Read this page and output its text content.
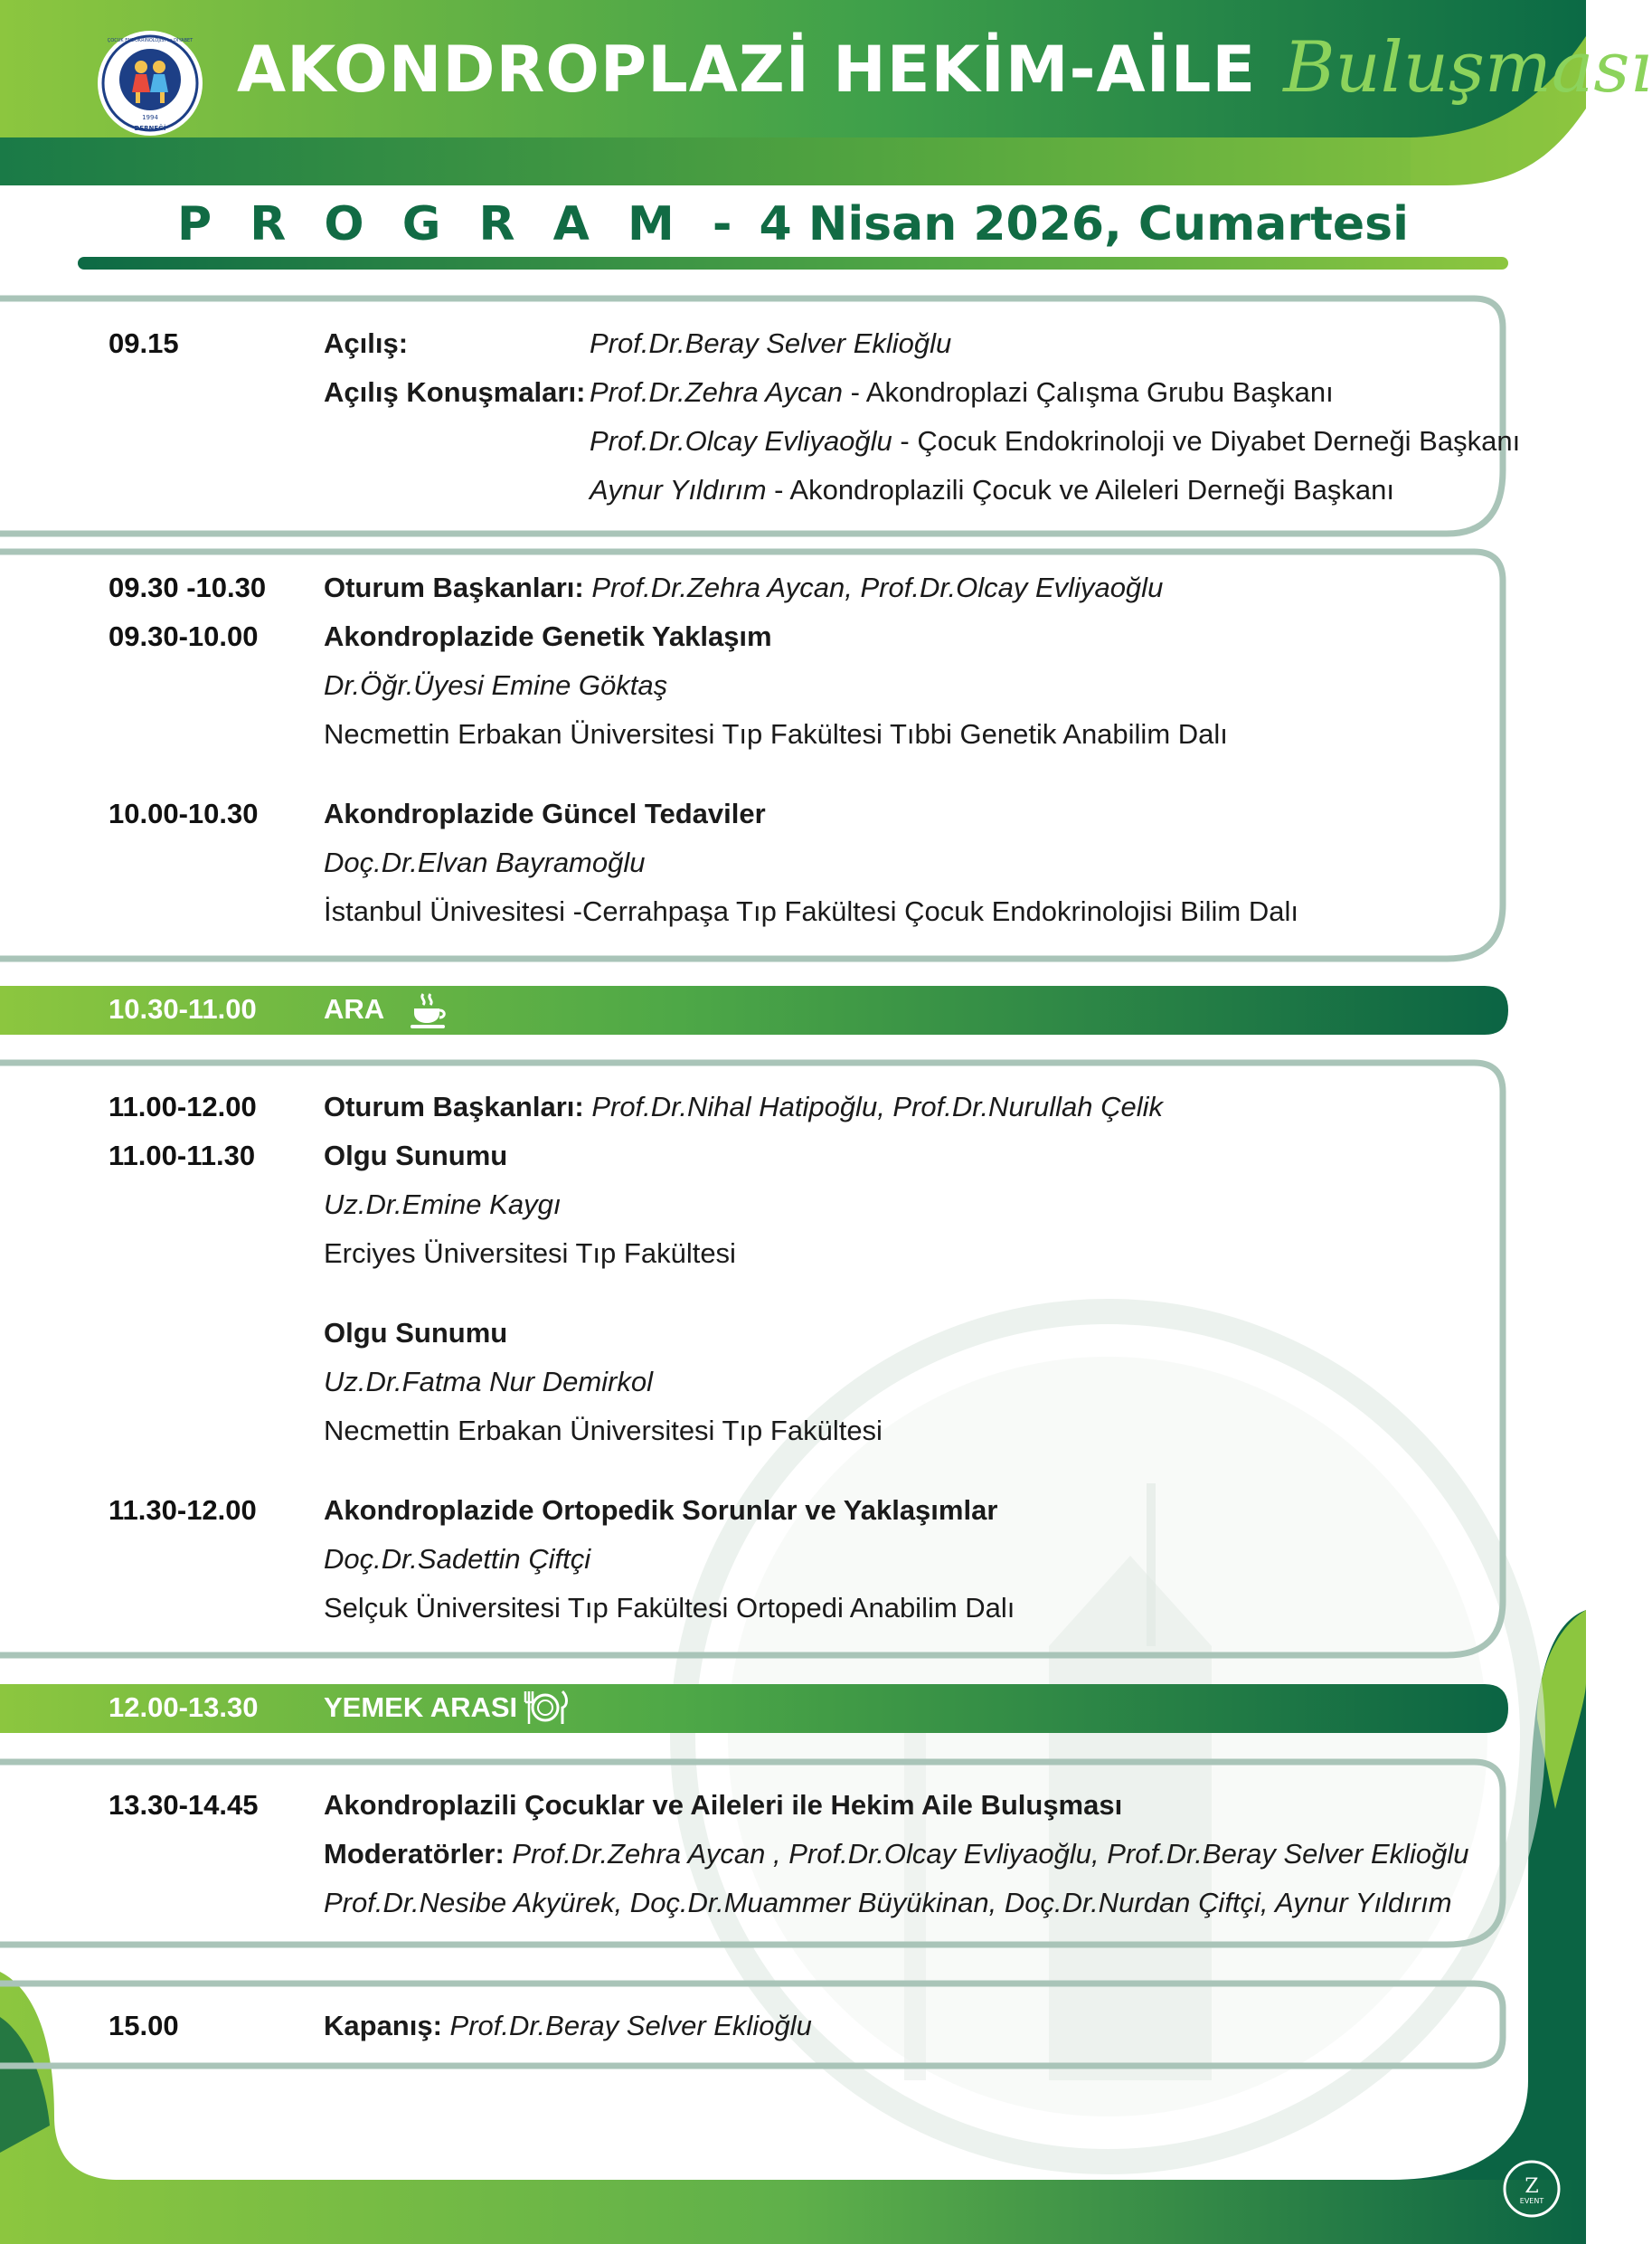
1994
DERNEĞİ
ÇOCUK ENDOKRİNOLOJİSİ ve DİYABET AKONDROPLAZİ HEKİM-AİLE Buluşması
P R O G R A M - 4 Nisan 2026, Cumartesi
09.15	Açılış:	Prof.Dr.Beray Selver Eklioğlu
Açılış Konuşmaları: Prof.Dr.Zehra Aycan - Akondroplazi Çalışma Grubu Başkanı
Prof.Dr.Olcay Evliyaoğlu - Çocuk Endokrinoloji ve Diyabet Derneği Başkanı
Aynur Yıldırım - Akondroplazili Çocuk ve Aileleri Derneği Başkanı
09.30 -10.30 Oturum Başkanları: Prof.Dr.Zehra Aycan, Prof.Dr.Olcay Evliyaoğlu
09.30-10.00 Akondroplazide Genetik Yaklaşım
Dr.Öğr.Üyesi Emine Göktaş
Necmettin Erbakan Üniversitesi Tıp Fakültesi Tıbbi Genetik Anabilim Dalı
10.00-10.30 Akondroplazide Güncel Tedaviler
Doç.Dr.Elvan Bayramoğlu
İstanbul Ünivesitesi -Cerrahpaşa Tıp Fakültesi Çocuk Endokrinolojisi Bilim Dalı
10.30-11.00 ARA
11.00-12.00 Oturum Başkanları: Prof.Dr.Nihal Hatipoğlu, Prof.Dr.Nurullah Çelik
11.00-11.30 Olgu Sunumu
Uz.Dr.Emine Kaygı
Erciyes Üniversitesi Tıp Fakültesi
Olgu Sunumu
Uz.Dr.Fatma Nur Demirkol
Necmettin Erbakan Üniversitesi Tıp Fakültesi
11.30-12.00 Akondroplazide Ortopedik Sorunlar ve Yaklaşımlar
Doç.Dr.Sadettin Çiftçi
Selçuk Üniversitesi Tıp Fakültesi Ortopedi Anabilim Dalı
12.00-13.30 YEMEK ARASI
13.30-14.45 Akondroplazili Çocuklar ve Aileleri ile Hekim Aile Buluşması
Moderatörler: Prof.Dr.Zehra Aycan , Prof.Dr.Olcay Evliyaoğlu, Prof.Dr.Beray Selver Eklioğlu
Prof.Dr.Nesibe Akyürek, Doç.Dr.Muammer Büyükinan, Doç.Dr.Nurdan Çiftçi, Aynur Yıldırım
15.00	Kapanış: Prof.Dr.Beray Selver Eklioğlu
Z
EVENT
